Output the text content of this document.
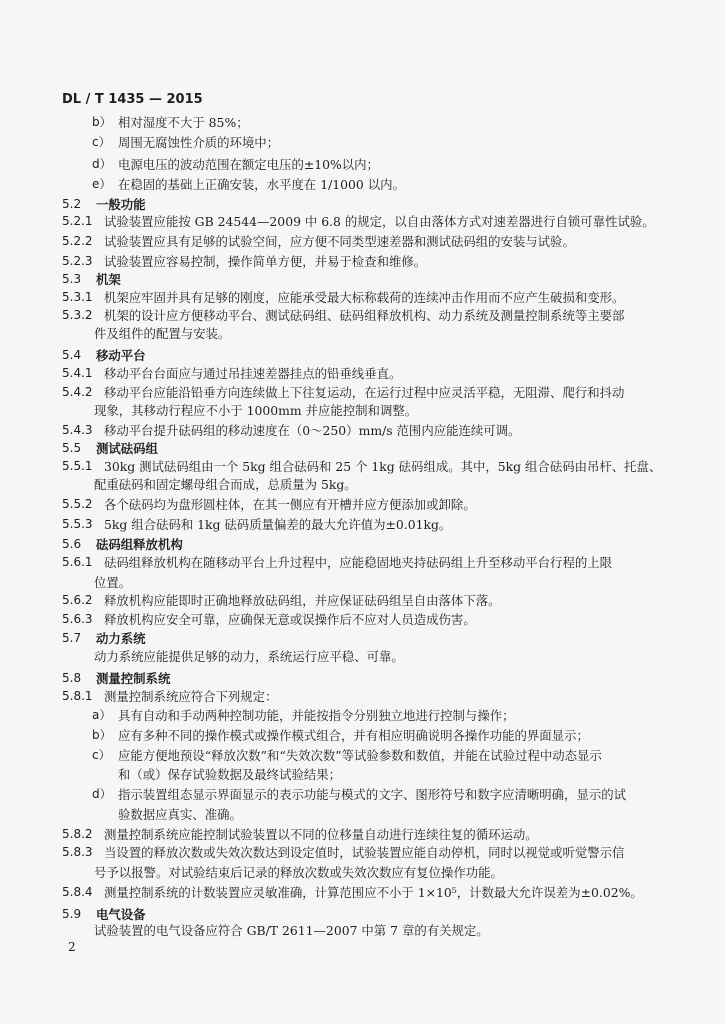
DL / T 1435 — 2015
b） 相对湿度不大于 85%；
c） 周围无腐蚀性介质的环境中；
d） 电源电压的波动范围在额定电压的±10%以内；
e） 在稳固的基础上正确安装，水平度在 1/1000 以内。
5.2 一般功能
5.2.1 试验装置应能按 GB 24544—2009 中 6.8 的规定，以自由落体方式对速差器进行自锁可靠性试验。
5.2.2 试验装置应具有足够的试验空间，应方便不同类型速差器和测试砝码组的安装与试验。
5.2.3 试验装置应容易控制，操作简单方便，并易于检查和维修。
5.3 机架
5.3.1 机架应牢固并具有足够的刚度，应能承受最大标称载荷的连续冲击作用而不应产生破损和变形。
5.3.2 机架的设计应方便移动平台、测试砝码组、砝码组释放机构、动力系统及测量控制系统等主要部
件及组件的配置与安装。
5.4 移动平台
5.4.1 移动平台台面应与通过吊挂速差器挂点的铅垂线垂直。
5.4.2 移动平台应能沿铅垂方向连续做上下往复运动，在运行过程中应灵活平稳，无阻滞、爬行和抖动
现象，其移动行程应不小于 1000mm 并应能控制和调整。
5.4.3 移动平台提升砝码组的移动速度在（0～250）mm/s 范围内应能连续可调。
5.5 测试砝码组
5.5.1 30kg 测试砝码组由一个 5kg 组合砝码和 25 个 1kg 砝码组成。其中，5kg 组合砝码由吊杆、托盘、
配重砝码和固定螺母组合而成，总质量为 5kg。
5.5.2 各个砝码均为盘形圆柱体，在其一侧应有开槽并应方便添加或卸除。
5.5.3 5kg 组合砝码和 1kg 砝码质量偏差的最大允许值为±0.01kg。
5.6 砝码组释放机构
5.6.1 砝码组释放机构在随移动平台上升过程中，应能稳固地夹持砝码组上升至移动平台行程的上限
位置。
5.6.2 释放机构应能即时正确地释放砝码组，并应保证砝码组呈自由落体下落。
5.6.3 释放机构应安全可靠，应确保无意或误操作后不应对人员造成伤害。
5.7 动力系统
动力系统应能提供足够的动力，系统运行应平稳、可靠。
5.8 测量控制系统
5.8.1 测量控制系统应符合下列规定：
a） 具有自动和手动两种控制功能，并能按指令分别独立地进行控制与操作；
b） 应有多种不同的操作模式或操作模式组合，并有相应明确说明各操作功能的界面显示；
c） 应能方便地预设“释放次数”和“失效次数”等试验参数和数值，并能在试验过程中动态显示
和（或）保存试验数据及最终试验结果；
d） 指示装置组态显示界面显示的表示功能与模式的文字、图形符号和数字应清晰明确，显示的试
验数据应真实、准确。
5.8.2 测量控制系统应能控制试验装置以不同的位移量自动进行连续往复的循环运动。
5.8.3 当设置的释放次数或失效次数达到设定值时，试验装置应能自动停机，同时以视觉或听觉警示信
号予以报警。对试验结束后记录的释放次数或失效次数应有复位操作功能。
5.8.4 测量控制系统的计数装置应灵敏准确，计算范围应不小于 1×10⁵，计数最大允许误差为±0.02%。
5.9 电气设备
试验装置的电气设备应符合 GB/T 2611—2007 中第 7 章的有关规定。
2
